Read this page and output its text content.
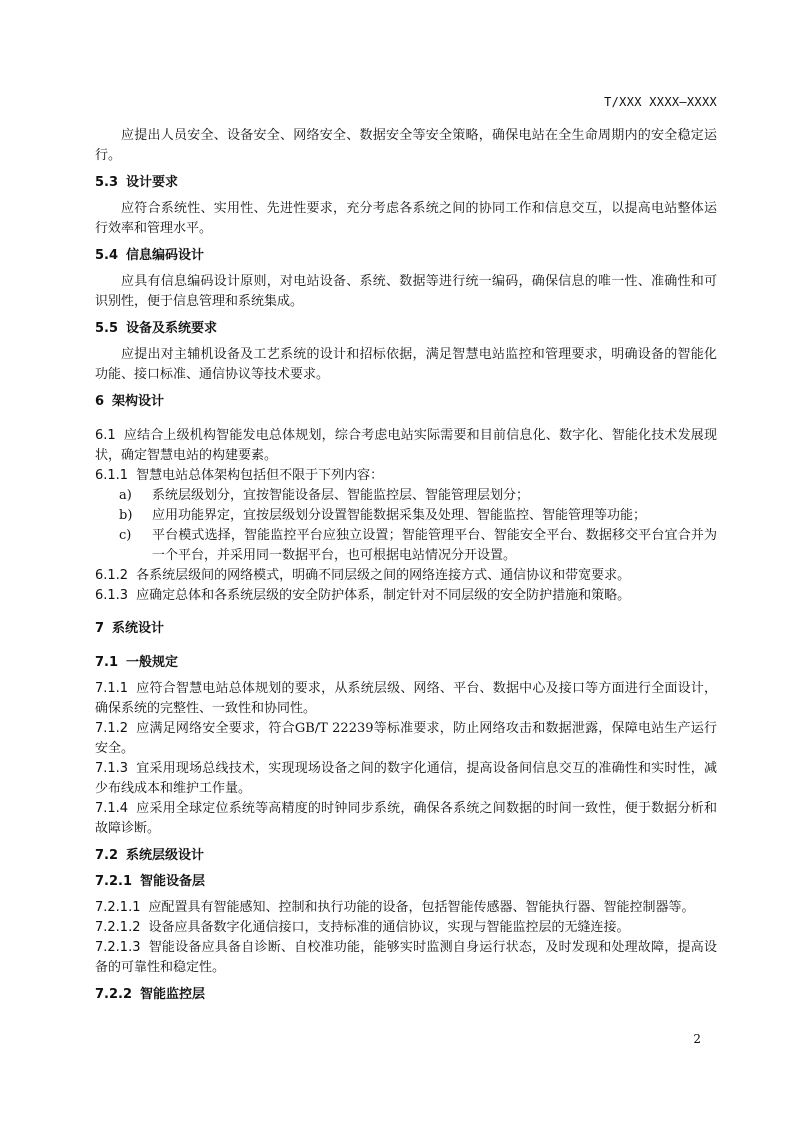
T/XXX XXXX—XXXX

应提出人员安全、设备安全、网络安全、数据安全等安全策略，确保电站在全生命周期内的安全稳定运行。

5.3 设计要求

应符合系统性、实用性、先进性要求，充分考虑各系统之间的协同工作和信息交互，以提高电站整体运行效率和管理水平。

5.4 信息编码设计

应具有信息编码设计原则，对电站设备、系统、数据等进行统一编码，确保信息的唯一性、准确性和可识别性，便于信息管理和系统集成。

5.5 设备及系统要求

应提出对主辅机设备及工艺系统的设计和招标依据，满足智慧电站监控和管理要求，明确设备的智能化功能、接口标准、通信协议等技术要求。

6 架构设计

6.1 应结合上级机构智能发电总体规划，综合考虑电站实际需要和目前信息化、数字化、智能化技术发展现状，确定智慧电站的构建要素。

6.1.1 智慧电站总体架构包括但不限于下列内容：

a)	系统层级划分，宜按智能设备层、智能监控层、智能管理层划分；
b)	应用功能界定，宜按层级划分设置智能数据采集及处理、智能监控、智能管理等功能；
c)	平台模式选择，智能监控平台应独立设置；智能管理平台、智能安全平台、数据移交平台宜合并为一个平台，并采用同一数据平台，也可根据电站情况分开设置。

6.1.2 各系统层级间的网络模式，明确不同层级之间的网络连接方式、通信协议和带宽要求。

6.1.3 应确定总体和各系统层级的安全防护体系，制定针对不同层级的安全防护措施和策略。

7 系统设计
7.1 一般规定

7.1.1 应符合智慧电站总体规划的要求，从系统层级、网络、平台、数据中心及接口等方面进行全面设计，确保系统的完整性、一致性和协同性。

7.1.2 应满足网络安全要求，符合GB/T 22239等标准要求，防止网络攻击和数据泄露，保障电站生产运行安全。

7.1.3 宜采用现场总线技术，实现现场设备之间的数字化通信，提高设备间信息交互的准确性和实时性，减少布线成本和维护工作量。

7.1.4 应采用全球定位系统等高精度的时钟同步系统，确保各系统之间数据的时间一致性，便于数据分析和故障诊断。

7.2 系统层级设计
7.2.1 智能设备层

7.2.1.1 应配置具有智能感知、控制和执行功能的设备，包括智能传感器、智能执行器、智能控制器等。

7.2.1.2 设备应具备数字化通信接口，支持标准的通信协议，实现与智能监控层的无缝连接。

7.2.1.3 智能设备应具备自诊断、自校准功能，能够实时监测自身运行状态，及时发现和处理故障，提高设备的可靠性和稳定性。

7.2.2 智能监控层
2
